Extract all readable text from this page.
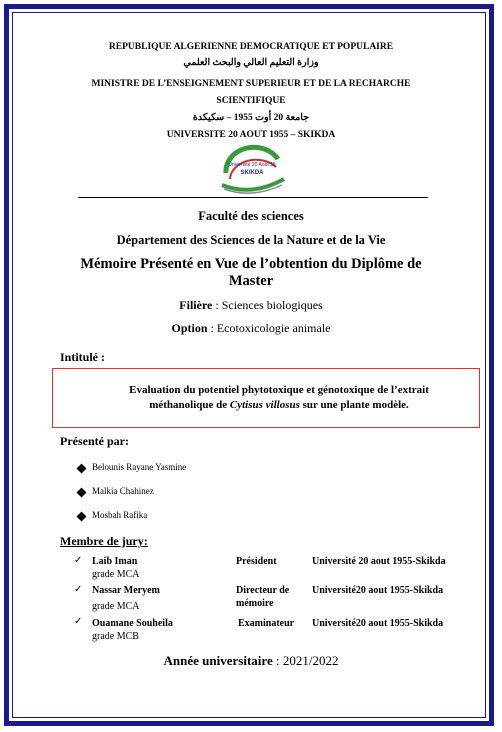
REPUBLIQUE ALGERIENNE DEMOCRATIQUE ET POPULAIRE
وزارة التعليم العالي والبحث العلمي
MINISTRE DE L’ENSEIGNEMENT SUPERIEUR ET DE LA RECHARCHE
SCIENTIFIQUE
جامعة 20 أوت 1955 – سكيكدة
UNIVERSITE 20 AOUT 1955 – SKIKDA
Université 20 Août 55
SKIKDA
Faculté des sciences
Département des Sciences de la Nature et de la Vie
Mémoire Présenté en Vue de l’obtention du Diplôme de
Master
Filière : Sciences biologiques
Option : Ecotoxicologie animale
Intitulé :
Evaluation du potentiel phytotoxique et génotoxique de l’extrait
méthanolique de Cytisus villosus sur une plante modèle.
Présenté par:
Belounis Rayane Yasmine
Malkia Chahinez
Mosbah Rafika
Membre de jury:
✓ Laib Iman
grade MCA
Président	Université 20 aout 1955-Skikda
✓ Nassar Meryem
grade MCA
Directeur de
mémoire
Université20 aout 1955-Skikda
✓ Ouamane Souheila
grade MCB
Examinateur Université20 aout 1955-Skikda
Année universitaire : 2021/2022
